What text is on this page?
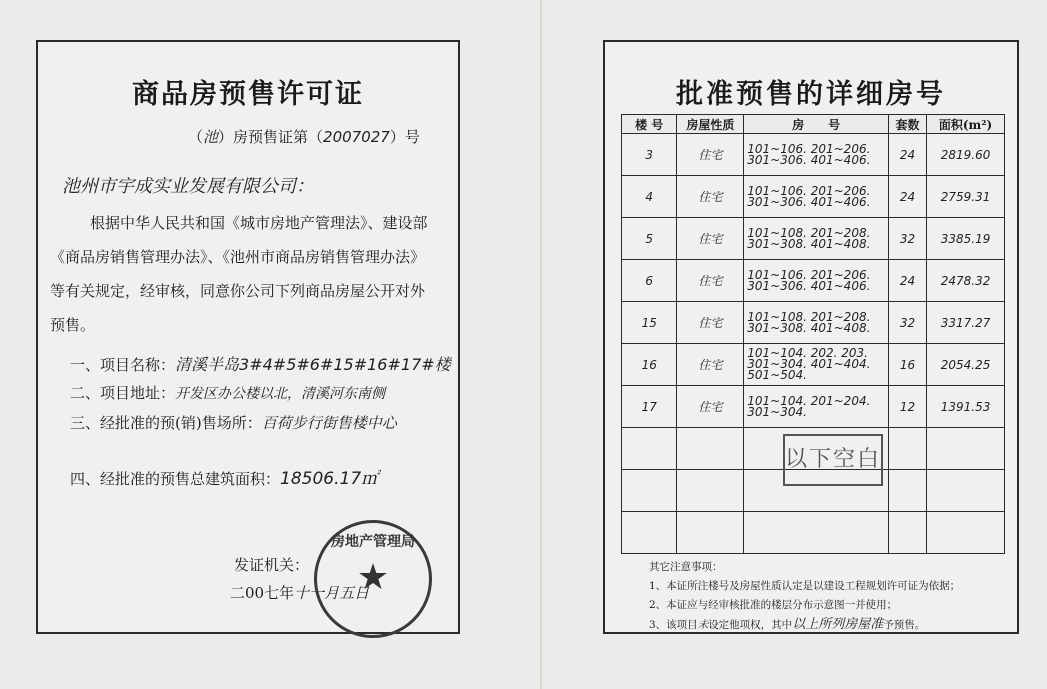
商品房预售许可证
（池）房预售证第（2007027）号
池州市宇成实业发展有限公司：
根据中华人民共和国《城市房地产管理法》、建设部
《商品房销售管理办法》、《池州市商品房销售管理办法》
等有关规定，经审核，同意你公司下列商品房屋公开对外
预售。
一、项目名称：清溪半岛3#4#5#6#15#16#17#楼
二、项目地址：开发区办公楼以北，清溪河东南侧
三、经批准的预(销)售场所：百荷步行街售楼中心
四、经批准的预售总建筑面积：18506.17㎡
发证机关：
二00七年十一月五日
房地产管理局
★
批准预售的详细房号
楼 号	房屋性质	房　　号	套数	面积(m²)
3	住宅	101~106. 201~206. 301~306. 401~406.	24	2819.60
4	住宅	101~106. 201~206. 301~306. 401~406.	24	2759.31
5	住宅	101~108. 201~208. 301~308. 401~408.	32	3385.19
6	住宅	101~106. 201~206. 301~306. 401~406.	24	2478.32
15	住宅	101~108. 201~208. 301~308. 401~408.	32	3317.27
16	住宅	101~104. 202. 203. 301~304. 401~404. 501~504.	16	2054.25
17	住宅	101~104. 201~204. 301~304.	12	1391.53

以下空白
其它注意事项：
1、本证所注楼号及房屋性质认定是以建设工程规划许可证为依据；
2、本证应与经审核批准的楼层分布示意图一并使用；
3、该项目未设定他项权，其中以上所列房屋准予预售。
